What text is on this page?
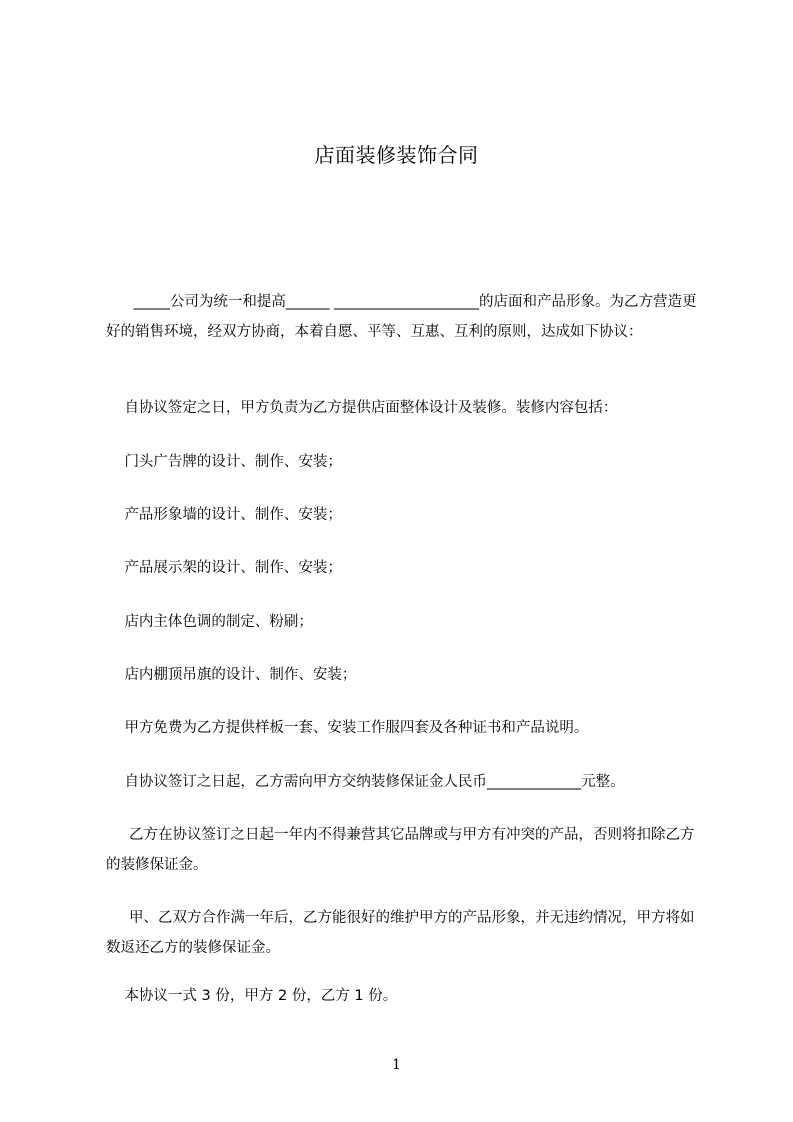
店面装修装饰合同

_____公司为统一和提高______ ____________________的店面和产品形象。为乙方营造更好的销售环境，经双方协商，本着自愿、平等、互惠、互利的原则，达成如下协议：

自协议签定之日，甲方负责为乙方提供店面整体设计及装修。装修内容包括：

门头广告牌的设计、制作、安装；

产品形象墙的设计、制作、安装；

产品展示架的设计、制作、安装；

店内主体色调的制定、粉刷；

店内棚顶吊旗的设计、制作、安装；

甲方免费为乙方提供样板一套、安装工作服四套及各种证书和产品说明。

自协议签订之日起，乙方需向甲方交纳装修保证金人民币_____________元整。

乙方在协议签订之日起一年内不得兼营其它品牌或与甲方有冲突的产品，否则将扣除乙方的装修保证金。

甲、乙双方合作满一年后，乙方能很好的维护甲方的产品形象，并无违约情况，甲方将如数返还乙方的装修保证金。

本协议一式 3 份，甲方 2 份，乙方 1 份。

1
